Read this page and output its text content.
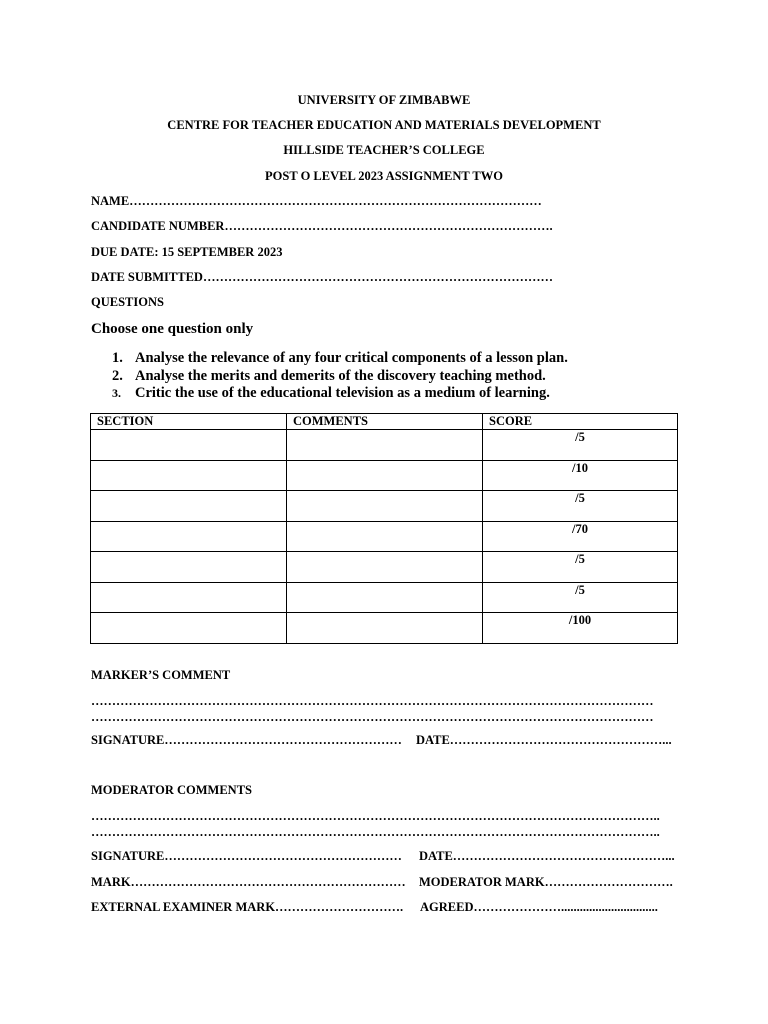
UNIVERSITY OF ZIMBABWE
CENTRE FOR TEACHER EDUCATION AND MATERIALS DEVELOPMENT
HILLSIDE TEACHER’S COLLEGE
POST O LEVEL 2023 ASSIGNMENT TWO
NAME………………………………………………………………………………………
CANDIDATE NUMBER…………………………………………………………………….
DUE DATE: 15 SEPTEMBER 2023
DATE SUBMITTED…………………………………………………………………………
QUESTIONS
Choose one question only
1. Analyse the relevance of any four critical components of a lesson plan.
2. Analyse the merits and demerits of the discovery teaching method.
3. Critic the use of the educational television as a medium of learning.
SECTION	COMMENTS	SCORE
		/5
		/10
		/5
		/70
		/5
		/5
		/100
MARKER’S COMMENT
………………………………………………………………………………………………………………………
………………………………………………………………………………………………………………………
SIGNATURE………………………………………………… DATE……………………………………………...
MODERATOR COMMENTS
………………………………………………………………………………………………………………………..
………………………………………………………………………………………………………………………..
SIGNATURE………………………………………………… DATE……………………………………………...
MARK………………………………………………………… MODERATOR MARK………………………….
EXTERNAL EXAMINER MARK…………………………. AGREED…………………...............................
